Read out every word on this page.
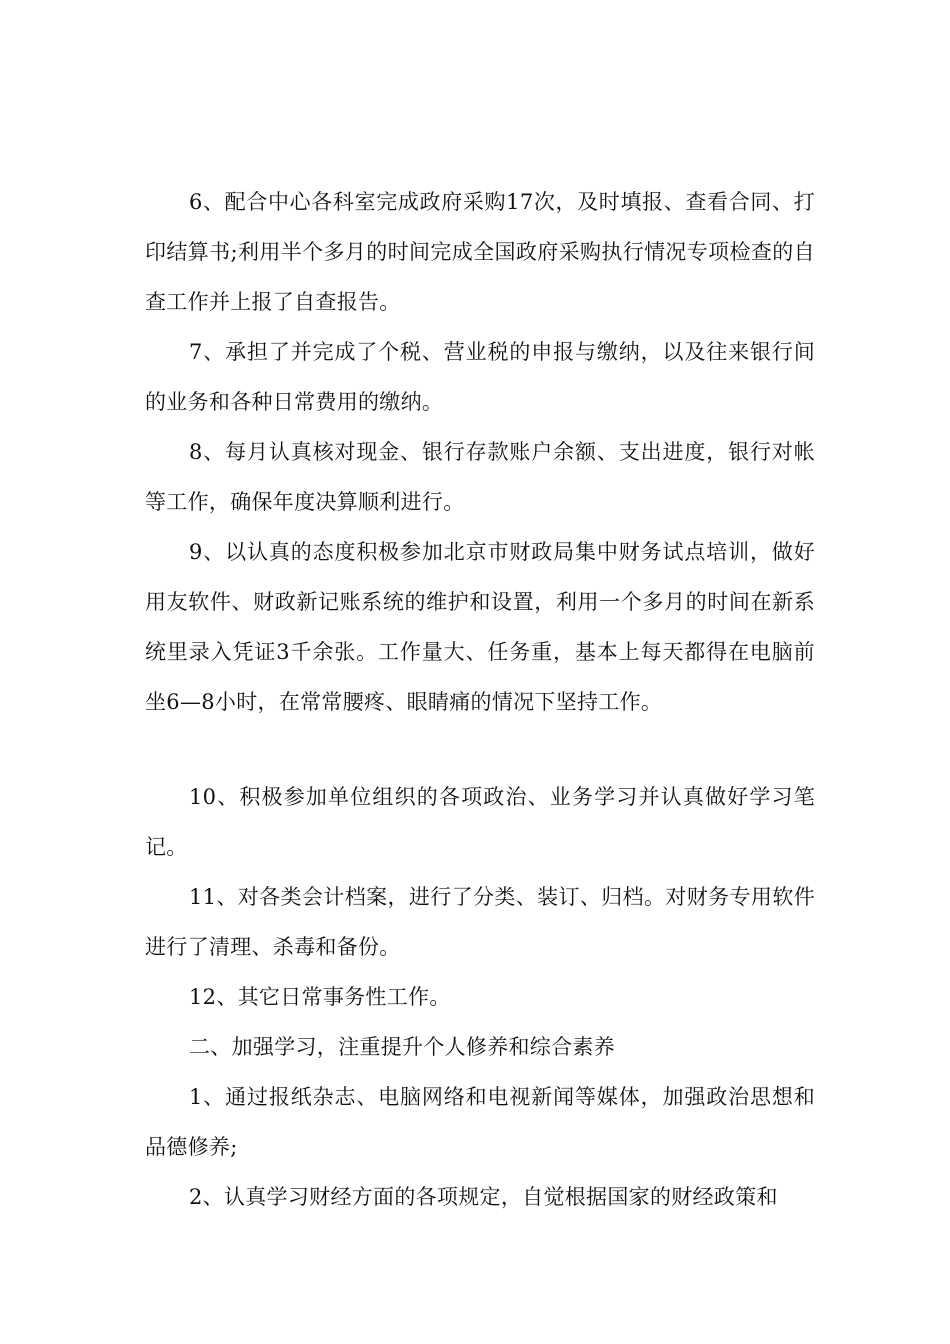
6、配合中心各科室完成政府采购17次，及时填报、查看合同、打印结算书;利用半个多月的时间完成全国政府采购执行情况专项检查的自查工作并上报了自查报告。

7、承担了并完成了个税、营业税的申报与缴纳，以及往来银行间的业务和各种日常费用的缴纳。

8、每月认真核对现金、银行存款账户余额、支出进度，银行对帐等工作，确保年度决算顺利进行。

9、以认真的态度积极参加北京市财政局集中财务试点培训，做好用友软件、财政新记账系统的维护和设置，利用一个多月的时间在新系统里录入凭证3千余张。工作量大、任务重，基本上每天都得在电脑前坐6—8小时，在常常腰疼、眼睛痛的情况下坚持工作。

10、积极参加单位组织的各项政治、业务学习并认真做好学习笔记。

11、对各类会计档案，进行了分类、装订、归档。对财务专用软件进行了清理、杀毒和备份。

12、其它日常事务性工作。

二、加强学习，注重提升个人修养和综合素养

1、通过报纸杂志、电脑网络和电视新闻等媒体，加强政治思想和品德修养;

2、认真学习财经方面的各项规定，自觉根据国家的财经政策和
